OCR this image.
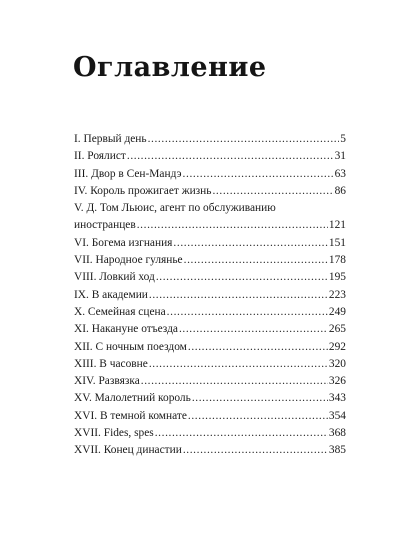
Оглавление
I. Первый день .....	5
II. Роялист .....	31
III. Двор в Сен-Мандэ .....	63
IV. Король прожигает жизнь .....	86
V. Д. Том Льюис, агент по обслуживанию
иностранцев .....	121
VI. Богема изгнания .....	151
VII. Народное гулянье .....	178
VIII. Ловкий ход .....	195
IX. В академии .....	223
X. Семейная сцена .....	249
XI. Накануне отъезда .....	265
XII. С ночным поездом .....	292
XIII. В часовне .....	320
XIV. Развязка .....	326
XV. Малолетний король .....	343
XVI. В темной комнате .....	354
XVII. Fides, spes .....	368
XVII. Конец династии .....	385
